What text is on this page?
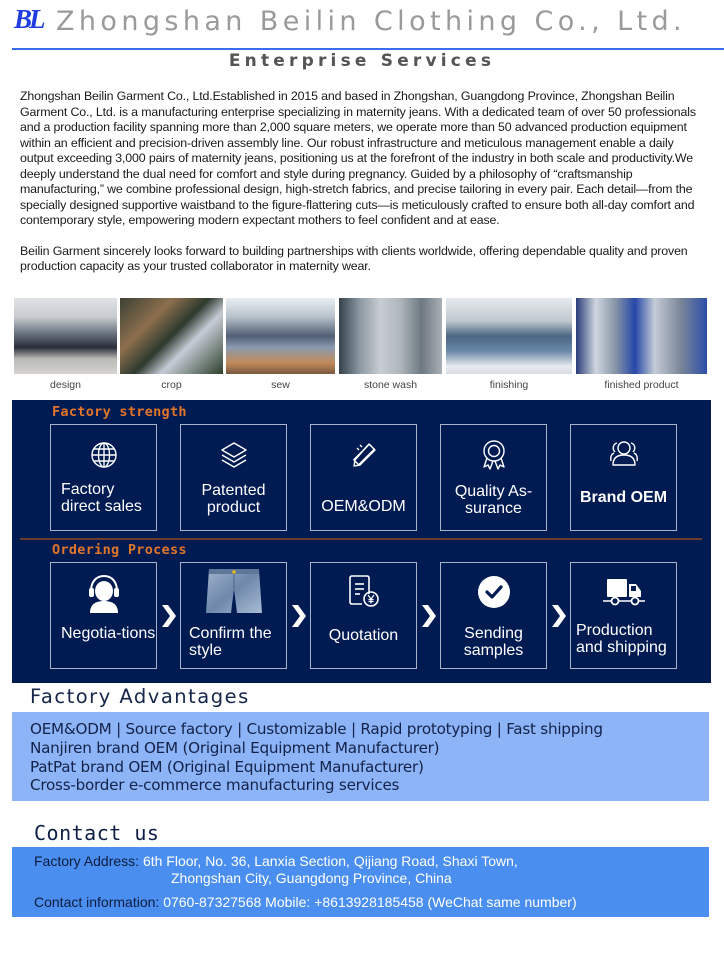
BL Zhongshan Beilin Clothing Co., Ltd.
Enterprise Services

Zhongshan Beilin Garment Co., Ltd.Established in 2015 and based in Zhongshan, Guangdong Province, Zhongshan Beilin Garment Co., Ltd. is a manufacturing enterprise specializing in maternity jeans. With a dedicated team of over 50 professionals and a production facility spanning more than 2,000 square meters, we operate more than 50 advanced production equipment within an efficient and precision-driven assembly line. Our robust infrastructure and meticulous management enable a daily output exceeding 3,000 pairs of maternity jeans, positioning us at the forefront of the industry in both scale and productivity.We deeply understand the dual need for comfort and style during pregnancy. Guided by a philosophy of “craftsmanship manufacturing,” we combine professional design, high-stretch fabrics, and precise tailoring in every pair. Each detail—from the specially designed supportive waistband to the figure-flattering cuts—is meticulously crafted to ensure both all-day comfort and contemporary style, empowering modern expectant mothers to feel confident and at ease.

Beilin Garment sincerely looks forward to building partnerships with clients worldwide, offering dependable quality and proven production capacity as your trusted collaborator in maternity wear.

design	crop	sew	stone wash	finishing	finished product
Factory strength
Factory direct sales
Patented product	OEM&ODM
Quality As-surance
Brand OEM
Ordering Process
Negotia-tions	Confirm the style
Quotation	Sending samples
Production and shipping
Factory Advantages
OEM&ODM | Source factory | Customizable | Rapid prototyping | Fast shipping
Nanjiren brand OEM (Original Equipment Manufacturer)
PatPat brand OEM (Original Equipment Manufacturer)
Cross-border e-commerce manufacturing services
Contact us
Factory Address: 6th Floor, No. 36, Lanxia Section, Qijiang Road, Shaxi Town,
Zhongshan City, Guangdong Province, China
Contact information: 0760-87327568 Mobile: +8613928185458 (WeChat same number)
